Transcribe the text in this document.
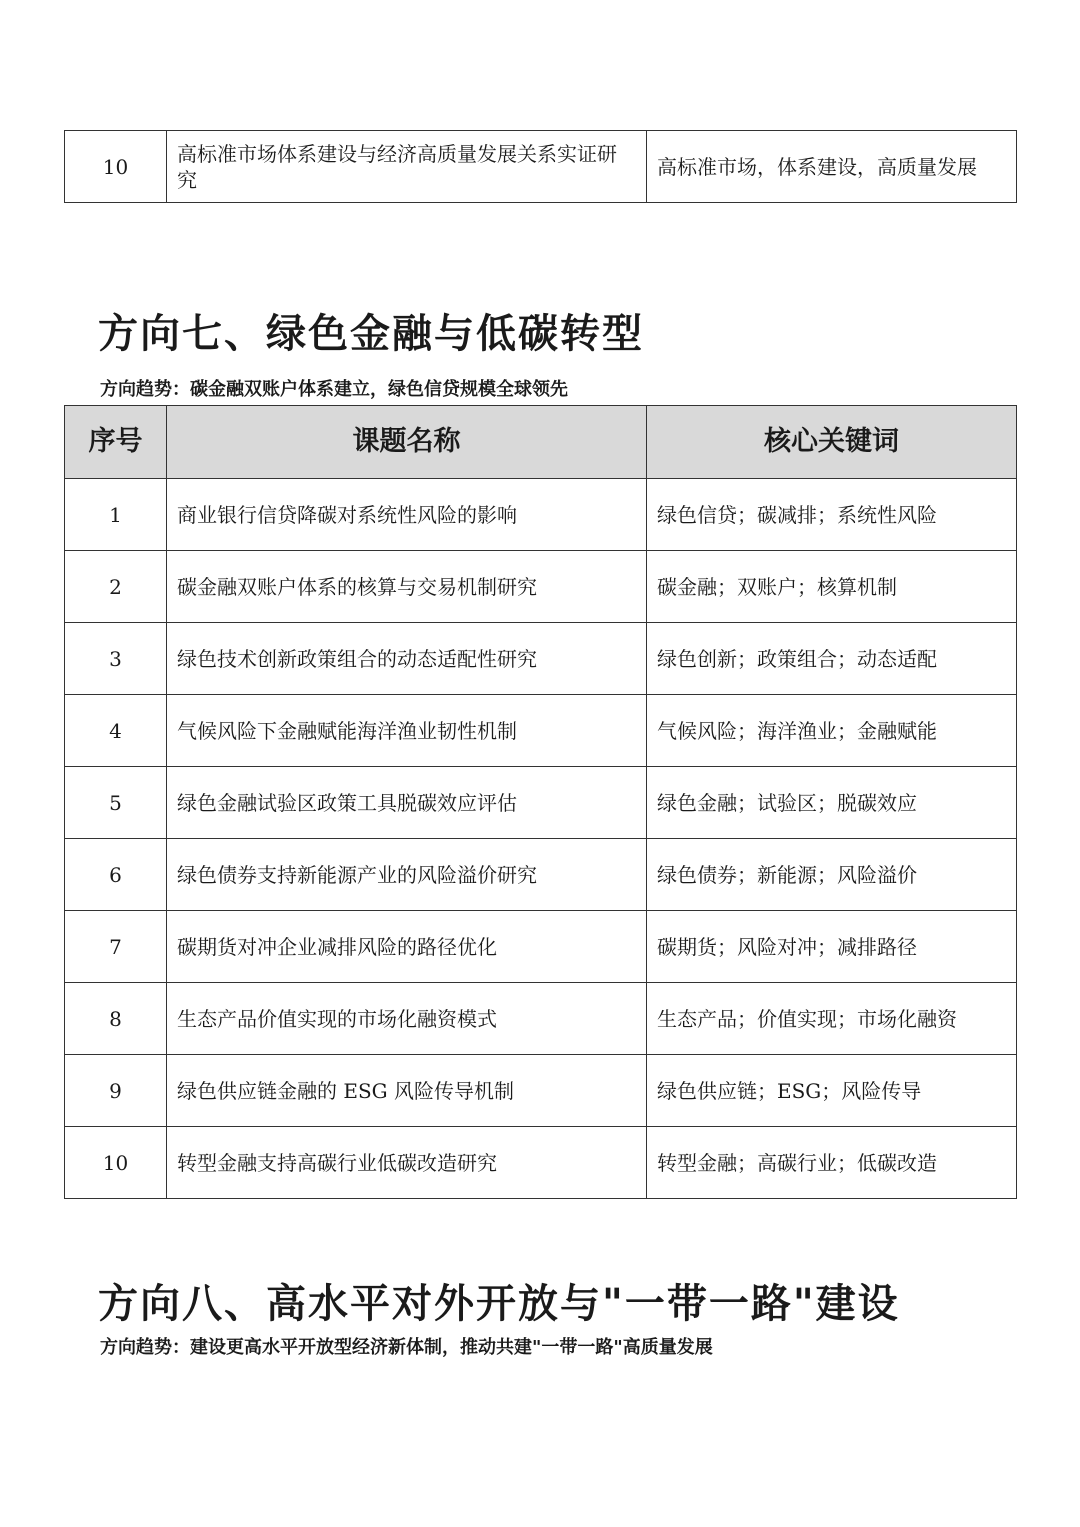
10	高标准市场体系建设与经济高质量发展关系实证研究	高标准市场，体系建设，高质量发展
方向七、绿色金融与低碳转型

方向趋势：碳金融双账户体系建立，绿色信贷规模全球领先

序号	课题名称	核心关键词
1	商业银行信贷降碳对系统性风险的影响	绿色信贷；碳减排；系统性风险
2	碳金融双账户体系的核算与交易机制研究	碳金融；双账户；核算机制
3	绿色技术创新政策组合的动态适配性研究	绿色创新；政策组合；动态适配
4	气候风险下金融赋能海洋渔业韧性机制	气候风险；海洋渔业；金融赋能
5	绿色金融试验区政策工具脱碳效应评估	绿色金融；试验区；脱碳效应
6	绿色债券支持新能源产业的风险溢价研究	绿色债券；新能源；风险溢价
7	碳期货对冲企业减排风险的路径优化	碳期货；风险对冲；减排路径
8	生态产品价值实现的市场化融资模式	生态产品；价值实现；市场化融资
9	绿色供应链金融的 ESG 风险传导机制	绿色供应链；ESG；风险传导
10	转型金融支持高碳行业低碳改造研究	转型金融；高碳行业；低碳改造
方向八、高水平对外开放与"一带一路"建设

方向趋势：建设更高水平开放型经济新体制，推动共建"一带一路"高质量发展
